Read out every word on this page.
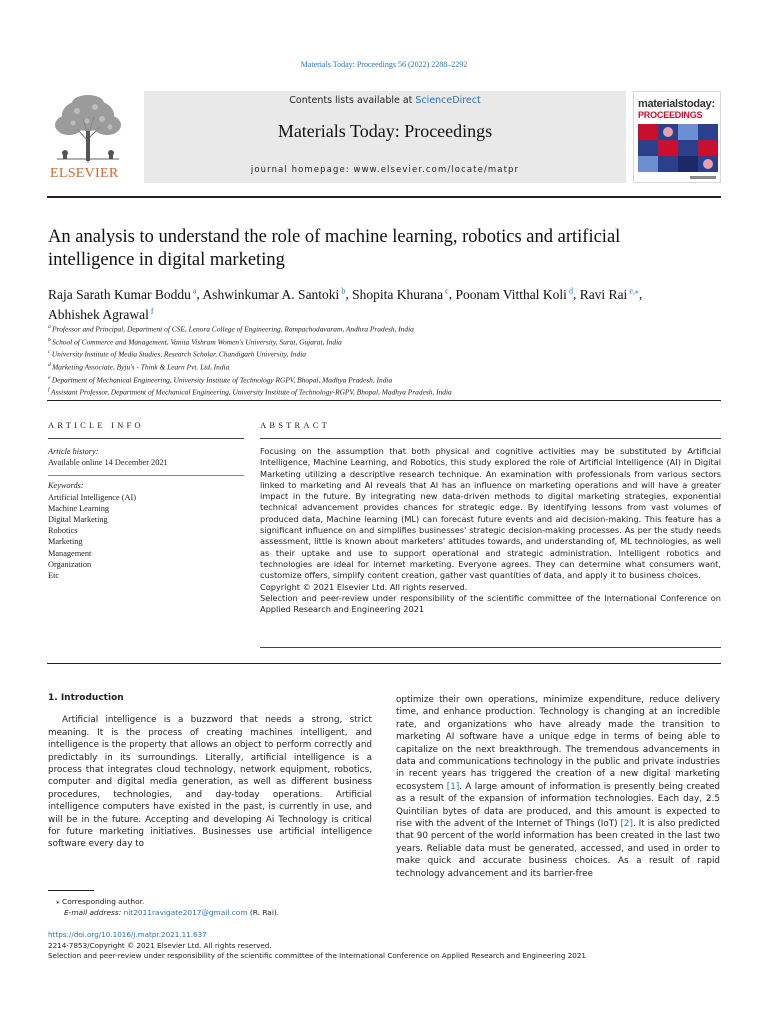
Materials Today: Proceedings 56 (2022) 2288–2292
ELSEVIER
Contents lists available at ScienceDirect
Materials Today: Proceedings
journal homepage: www.elsevier.com/locate/matpr
materialstoday:
PROCEEDINGS
An analysis to understand the role of machine learning, robotics and artificial intelligence in digital marketing
Raja Sarath Kumar Boddu $^a$, Ashwinkumar A. Santoki $^b$, Shopita Khurana $^c$, Poonam Vitthal Koli $^d$, Ravi Rai $^{e,⁎}$,
Abhishek Agrawal $^f$
$^a$ Professor and Principal, Department of CSE, Lenora College of Engineering, Rampachodavaram, Andhra Pradesh, India
$^b$ School of Commerce and Management, Vanita Vishram Women's University, Surat, Gujarat, India
$^c$ University Institute of Media Studies, Research Scholar, Chandigarh University, India
$^d$ Marketing Associate, Byju's - Think & Learn Pvt. Ltd, India
$^e$ Department of Mechanical Engineering, University Institute of Technology RGPV, Bhopal, Madhya Pradesh, India
$^f$ Assistant Professor, Department of Mechanical Engineering, University Institute of Technology-RGPV, Bhopal, Madhya Pradesh, India
ARTICLE INFO	ABSTRACT
Article history:
Available online 14 December 2021
Keywords:
Artificial Intelligence (AI)
Machine Learning
Digital Marketing
Robotics
Marketing
Management
Organization
Etc
Focusing on the assumption that both physical and cognitive activities may be substituted by Artificial Intelligence, Machine Learning, and Robotics, this study explored the role of Artificial Intelligence (AI) in Digital Marketing utilizing a descriptive research technique. An examination with professionals from various sectors linked to marketing and AI reveals that AI has an influence on marketing operations and will have a greater impact in the future. By integrating new data-driven methods to digital marketing strategies, exponential technical advancement provides chances for strategic edge. By identifying lessons from vast volumes of produced data, Machine learning (ML) can forecast future events and aid decision-making. This feature has a significant influence on and simplifies businesses' strategic decision-making processes. As per the study needs assessment, little is known about marketers' attitudes towards, and understanding of, ML technologies, as well as their uptake and use to support operational and strategic administration. Intelligent robotics and technologies are ideal for internet marketing. Everyone agrees. They can determine what consumers want, customize offers, simplify content creation, gather vast quantities of data, and apply it to business choices.
Copyright © 2021 Elsevier Ltd. All rights reserved.
Selection and peer-review under responsibility of the scientific committee of the International Conference on Applied Research and Engineering 2021
1. Introduction

Artificial intelligence is a buzzword that needs a strong, strict meaning. It is the process of creating machines intelligent, and intelligence is the property that allows an object to perform correctly and predictably in its surroundings. Literally, artificial intelligence is a process that integrates cloud technology, network equipment, robotics, computer and digital media generation, as well as different business procedures, technologies, and day-today operations. Artificial intelligence computers have existed in the past, is currently in use, and will be in the future. Accepting and developing Ai Technology is critical for future marketing initiatives. Businesses use artificial intelligence software every day to

optimize their own operations, minimize expenditure, reduce delivery time, and enhance production. Technology is changing at an incredible rate, and organizations who have already made the transition to marketing AI software have a unique edge in terms of being able to capitalize on the next breakthrough. The tremendous advancements in data and communications technology in the public and private industries in recent years has triggered the creation of a new digital marketing ecosystem [1]. A large amount of information is presently being created as a result of the expansion of information technologies. Each day, 2.5 Quintilian bytes of data are produced, and this amount is expected to rise with the advent of the Internet of Things (IoT) [2]. It is also predicted that 90 percent of the world information has been created in the last two years. Reliable data must be generated, accessed, and used in order to make quick and accurate business choices. As a result of rapid technology advancement and its barrier-free

⁎ Corresponding author.
E-mail address: nit2011ravigate2017@gmail.com (R. Rai).
https://doi.org/10.1016/j.matpr.2021.11.637
2214-7853/Copyright © 2021 Elsevier Ltd. All rights reserved.
Selection and peer-review under responsibility of the scientific committee of the International Conference on Applied Research and Engineering 2021
